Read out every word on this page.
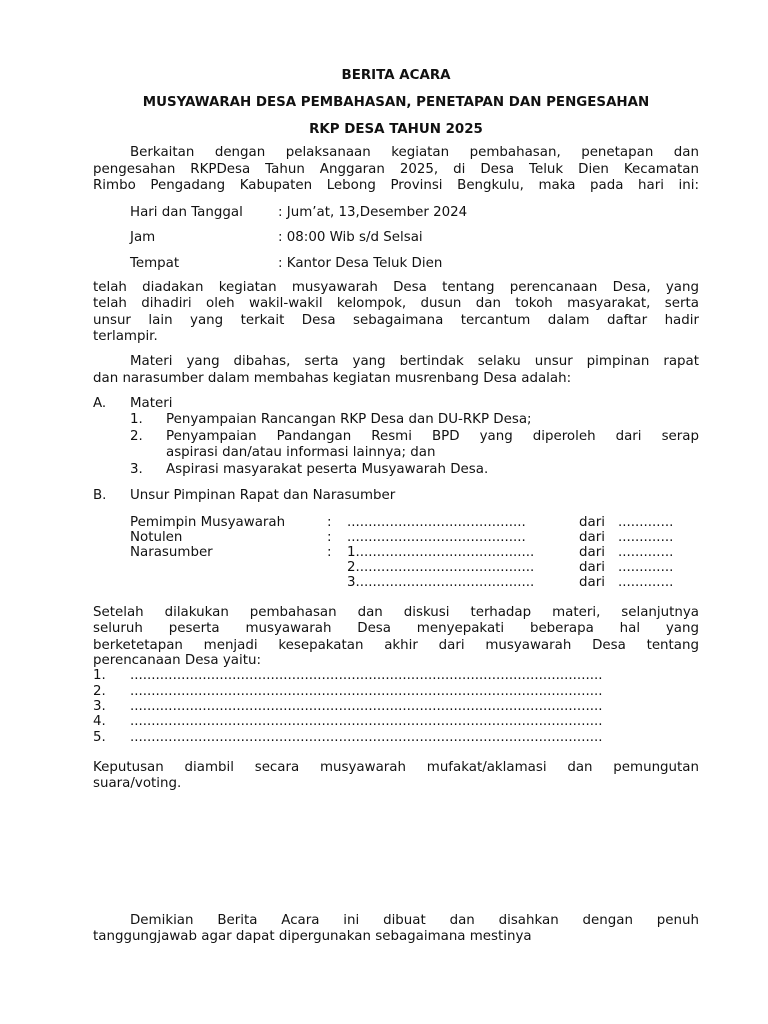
BERITA ACARA
MUSYAWARAH DESA PEMBAHASAN, PENETAPAN DAN PENGESAHAN
RKP DESA TAHUN 2025
Berkaitan dengan pelaksanaan kegiatan pembahasan, penetapan dan
pengesahan RKPDesa Tahun Anggaran 2025, di Desa Teluk Dien Kecamatan
Rimbo Pengadang Kabupaten Lebong Provinsi Bengkulu, maka pada hari ini:
Hari dan Tanggal	: Jum’at, 13,Desember 2024
Jam	: 08:00 Wib s/d Selsai
Tempat	: Kantor Desa Teluk Dien
telah diadakan kegiatan musyawarah Desa tentang perencanaan Desa, yang
telah dihadiri oleh wakil-wakil kelompok, dusun dan tokoh masyarakat, serta
unsur lain yang terkait Desa sebagaimana tercantum dalam daftar hadir
terlampir.
Materi yang dibahas, serta yang bertindak selaku unsur pimpinan rapat
dan narasumber dalam membahas kegiatan musrenbang Desa adalah:
A. Materi
1. Penyampaian Rancangan RKP Desa dan DU-RKP Desa;
2. Penyampaian Pandangan Resmi BPD yang diperoleh dari serap
aspirasi dan/atau informasi lainnya; dan
3. Aspirasi masyarakat peserta Musyawarah Desa.
B. Unsur Pimpinan Rapat dan Narasumber
Pemimpin Musyawarah	: ..........................................	dari .............
Notulen	: ..........................................	dari .............
Narasumber	: 1..........................................	dari .............
2..........................................	dari .............
3..........................................	dari .............
Setelah dilakukan pembahasan dan diskusi terhadap materi, selanjutnya
seluruh peserta musyawarah Desa menyepakati beberapa hal yang
berketetapan menjadi kesepakatan akhir dari musyawarah Desa tentang
perencanaan Desa yaitu:
1. ...............................................................................................................
2. ...............................................................................................................
3. ...............................................................................................................
4. ...............................................................................................................
5. ...............................................................................................................
Keputusan diambil secara musyawarah mufakat/aklamasi dan pemungutan
suara/voting.
Demikian Berita Acara ini dibuat dan disahkan dengan penuh
tanggungjawab agar dapat dipergunakan sebagaimana mestinya
